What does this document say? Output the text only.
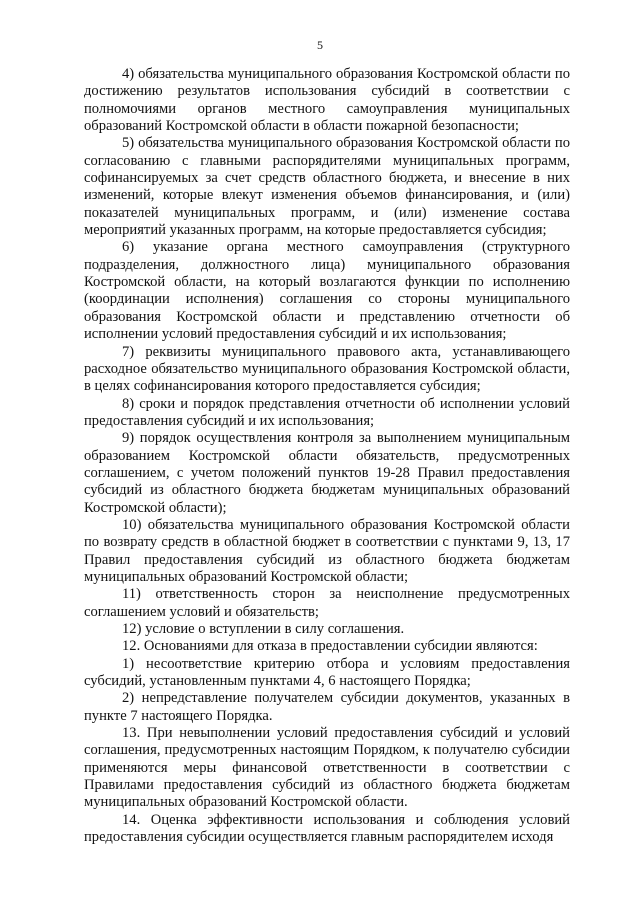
5

4) обязательства муниципального образования Костромской области по достижению результатов использования субсидий в соответствии с полномочиями органов местного самоуправления муниципальных образований Костромской области в области пожарной безопасности;

5) обязательства муниципального образования Костромской области по согласованию с главными распорядителями муниципальных программ, софинансируемых за счет средств областного бюджета, и внесение в них изменений, которые влекут изменения объемов финансирования, и (или) показателей муниципальных программ, и (или) изменение состава мероприятий указанных программ, на которые предоставляется субсидия;

6) указание органа местного самоуправления (структурного подразделения, должностного лица) муниципального образования Костромской области, на который возлагаются функции по исполнению (координации исполнения) соглашения со стороны муниципального образования Костромской области и представлению отчетности об исполнении условий предоставления субсидий и их использования;

7) реквизиты муниципального правового акта, устанавливающего расходное обязательство муниципального образования Костромской области, в целях софинансирования которого предоставляется субсидия;

8) сроки и порядок представления отчетности об исполнении условий предоставления субсидий и их использования;

9) порядок осуществления контроля за выполнением муниципальным образованием Костромской области обязательств, предусмотренных соглашением, с учетом положений пунктов 19-28 Правил предоставления субсидий из областного бюджета бюджетам муниципальных образований Костромской области);

10) обязательства муниципального образования Костромской области по возврату средств в областной бюджет в соответствии с пунктами 9, 13, 17 Правил предоставления субсидий из областного бюджета бюджетам муниципальных образований Костромской области;

11) ответственность сторон за неисполнение предусмотренных соглашением условий и обязательств;

12) условие о вступлении в силу соглашения.

12. Основаниями для отказа в предоставлении субсидии являются:

1) несоответствие критерию отбора и условиям предоставления субсидий, установленным пунктами 4, 6 настоящего Порядка;

2) непредставление получателем субсидии документов, указанных в пункте 7 настоящего Порядка.

13. При невыполнении условий предоставления субсидий и условий соглашения, предусмотренных настоящим Порядком, к получателю субсидии применяются меры финансовой ответственности в соответствии с Правилами предоставления субсидий из областного бюджета бюджетам муниципальных образований Костромской области.

14. Оценка эффективности использования и соблюдения условий предоставления субсидии осуществляется главным распорядителем исходя
